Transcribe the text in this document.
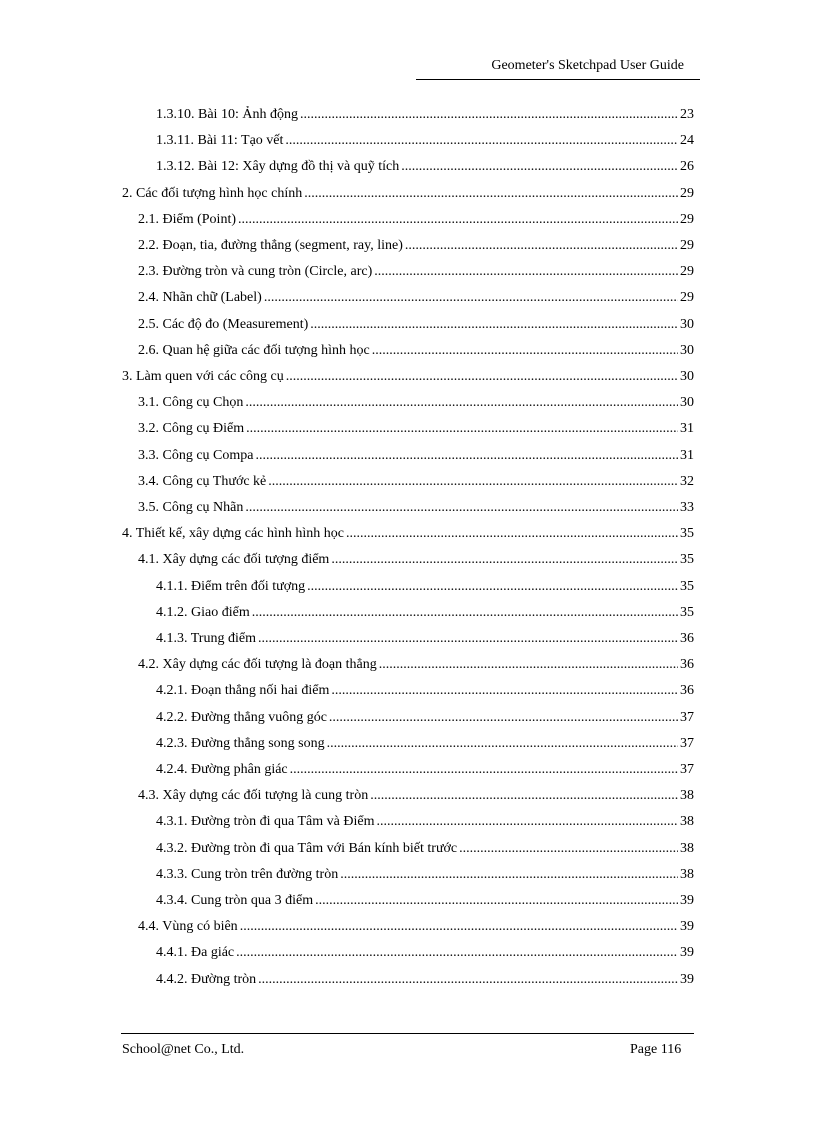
Geometer's Sketchpad User Guide
1.3.10. Bài 10: Ảnh động .....	23
1.3.11. Bài 11: Tạo vết .....	24
1.3.12. Bài 12: Xây dựng đồ thị và quỹ tích .....	26
2. Các đối tượng hình học chính .....	29
2.1. Điểm (Point) .....	29
2.2. Đoạn, tia, đường thẳng (segment, ray, line) .....	29
2.3. Đường tròn và cung tròn (Circle, arc) .....	29
2.4. Nhãn chữ (Label) .....	29
2.5. Các độ đo (Measurement) .....	30
2.6. Quan hệ giữa các đối tượng hình học .....	30
3. Làm quen với các công cụ .....	30
3.1. Công cụ Chọn .....	30
3.2. Công cụ Điểm .....	31
3.3. Công cụ Compa .....	31
3.4. Công cụ Thước kẻ .....	32
3.5. Công cụ Nhãn .....	33
4. Thiết kế, xây dựng các hình hình học .....	35
4.1. Xây dựng các đối tượng điểm .....	35
4.1.1. Điểm trên đối tượng .....	35
4.1.2. Giao điểm .....	35
4.1.3. Trung điểm .....	36
4.2. Xây dựng các đối tượng là đoạn thẳng .....	36
4.2.1. Đoạn thẳng nối hai điểm .....	36
4.2.2. Đường thẳng vuông góc .....	37
4.2.3. Đường thẳng song song .....	37
4.2.4. Đường phân giác .....	37
4.3. Xây dựng các đối tượng là cung tròn .....	38
4.3.1. Đường tròn đi qua Tâm và Điểm .....	38
4.3.2. Đường tròn đi qua Tâm với Bán kính biết trước .....	38
4.3.3. Cung tròn trên đường tròn .....	38
4.3.4. Cung tròn qua 3 điểm .....	39
4.4. Vùng có biên .....	39
4.4.1. Đa giác .....	39
4.4.2. Đường tròn .....	39
School@net Co., Ltd.	Page 116
